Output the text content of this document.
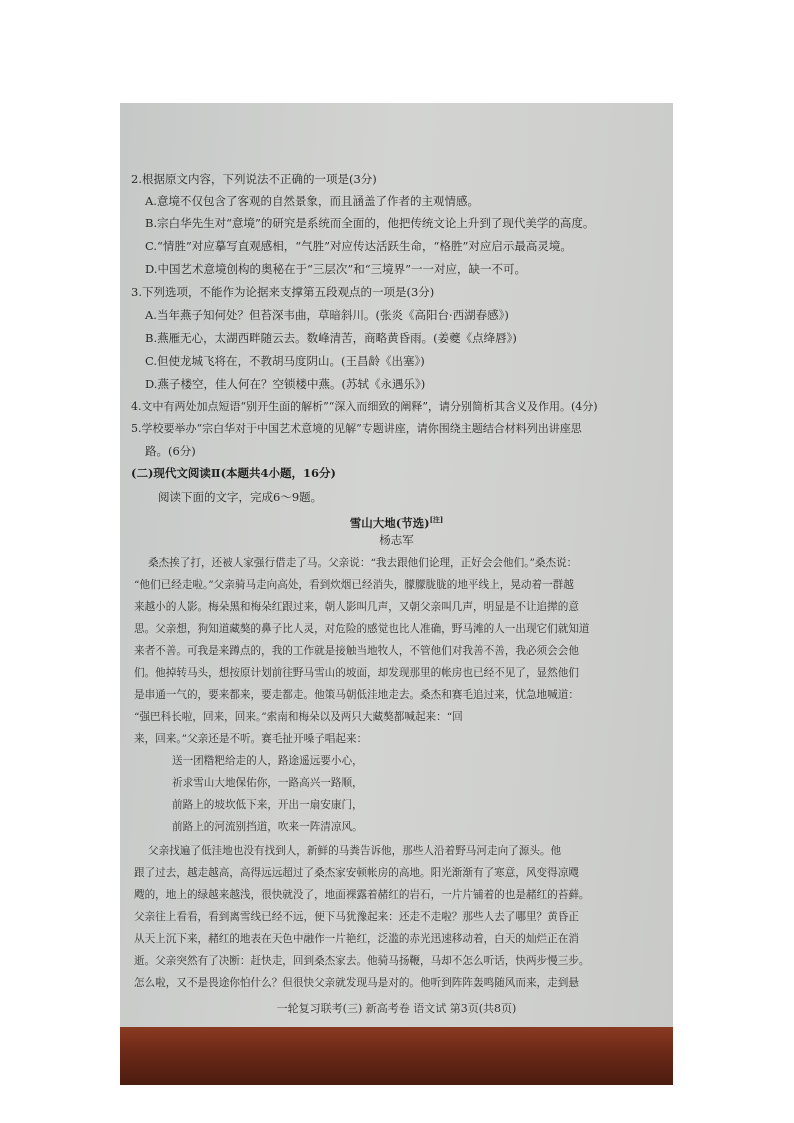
2.根据原文内容，下列说法不正确的一项是(3分)
A.意境不仅包含了客观的自然景象，而且涵盖了作者的主观情感。
B.宗白华先生对“意境”的研究是系统而全面的，他把传统文论上升到了现代美学的高度。
C.“情胜”对应摹写直观感相，“气胜”对应传达活跃生命，“格胜”对应启示最高灵境。
D.中国艺术意境创构的奥秘在于“三层次”和“三境界”一一对应，缺一不可。
3.下列选项，不能作为论据来支撑第五段观点的一项是(3分)
A.当年燕子知何处？但苔深韦曲，草暗斜川。(张炎《高阳台·西湖春感》)
B.燕雁无心，太湖西畔随云去。数峰清苦，商略黄昏雨。(姜夔《点绛唇》)
C.但使龙城飞将在，不教胡马度阴山。(王昌龄《出塞》)
D.燕子楼空，佳人何在？空锁楼中燕。(苏轼《永遇乐》)
4.文中有两处加点短语“别开生面的解析”“深入而细致的阐释”，请分别简析其含义及作用。(4分)
5.学校要举办“宗白华对于中国艺术意境的见解”专题讲座，请你围绕主题结合材料列出讲座思
路。(6分)
(二)现代文阅读Ⅱ(本题共4小题，16分)
阅读下面的文字，完成6～9题。
雪山大地(节选)[注]
杨志军
桑杰挨了打，还被人家强行借走了马。父亲说：“我去跟他们论理，正好会会他们。”桑杰说：
“他们已经走啦。”父亲骑马走向高处，看到炊烟已经消失，朦朦胧胧的地平线上，晃动着一群越
来越小的人影。梅朵黑和梅朵红跟过来，朝人影叫几声，又朝父亲叫几声，明显是不让追撵的意
思。父亲想，狗知道藏獒的鼻子比人灵，对危险的感觉也比人准确，野马滩的人一出现它们就知道
来者不善。可我是来蹲点的，我的工作就是接触当地牧人，不管他们对我善不善，我必须会会他
们。他掉转马头，想按原计划前往野马雪山的坡面，却发现那里的帐房也已经不见了，显然他们
是串通一气的，要来都来，要走都走。他策马朝低洼地走去。桑杰和赛毛追过来，忧急地喊道：
“强巴科长啦，回来，回来。”索南和梅朵以及两只大藏獒都喊起来：“回
来，回来。”父亲还是不听。赛毛扯开嗓子唱起来：
送一团糌粑给走的人，路途遥远要小心，
祈求雪山大地保佑你，一路高兴一路顺，
前路上的坡坎低下来，开出一扇安康门，
前路上的河流别挡道，吹来一阵清凉风。
父亲找遍了低洼地也没有找到人，新鲜的马粪告诉他，那些人沿着野马河走向了源头。他
跟了过去，越走越高，高得远远超过了桑杰家安顿帐房的高地。阳光渐渐有了寒意，风变得凉飕
飕的，地上的绿越来越浅，很快就没了，地面裸露着赭红的岩石，一片片铺着的也是赭红的苔藓。
父亲往上看看，看到离雪线已经不远，便下马犹豫起来：还走不走啦？那些人去了哪里？黄昏正
从天上沉下来，赭红的地表在天色中融作一片艳红，泛滥的赤光迅速移动着，白天的灿烂正在消
逝。父亲突然有了决断：赶快走，回到桑杰家去。他骑马扬鞭，马却不怎么听话，快两步慢三步。
怎么啦，又不是畏途你怕什么？但很快父亲就发现马是对的。他听到阵阵轰鸣随风而来，走到悬
一轮复习联考(三) 新高考卷 语文试 第3页(共8页)
